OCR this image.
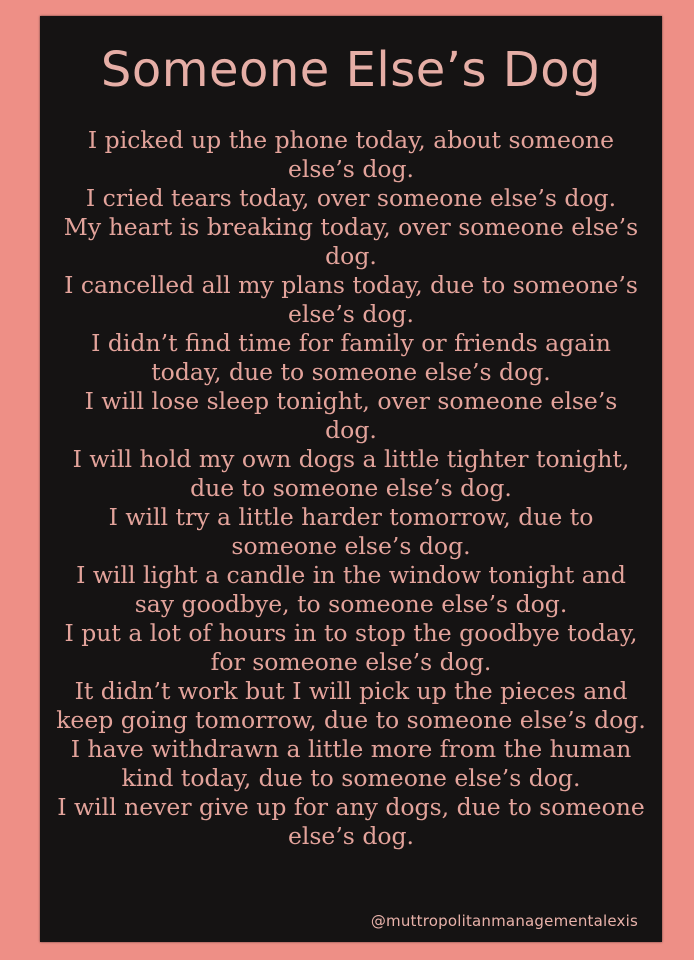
Someone Else’s Dog
I picked up the phone today, about someone else’s dog.
I cried tears today, over someone else’s dog.
My heart is breaking today, over someone else’s dog.
I cancelled all my plans today, due to someone’s else’s dog.
I didn’t find time for family or friends again today, due to someone else’s dog.
I will lose sleep tonight, over someone else’s dog.
I will hold my own dogs a little tighter tonight, due to someone else’s dog.
I will try a little harder tomorrow, due to someone else’s dog.
I will light a candle in the window tonight and say goodbye, to someone else’s dog.
I put a lot of hours in to stop the goodbye today, for someone else’s dog.
It didn’t work but I will pick up the pieces and keep going tomorrow, due to someone else’s dog.
I have withdrawn a little more from the human kind today, due to someone else’s dog.
I will never give up for any dogs, due to someone else’s dog.
@muttropolitanmanagementalexis
